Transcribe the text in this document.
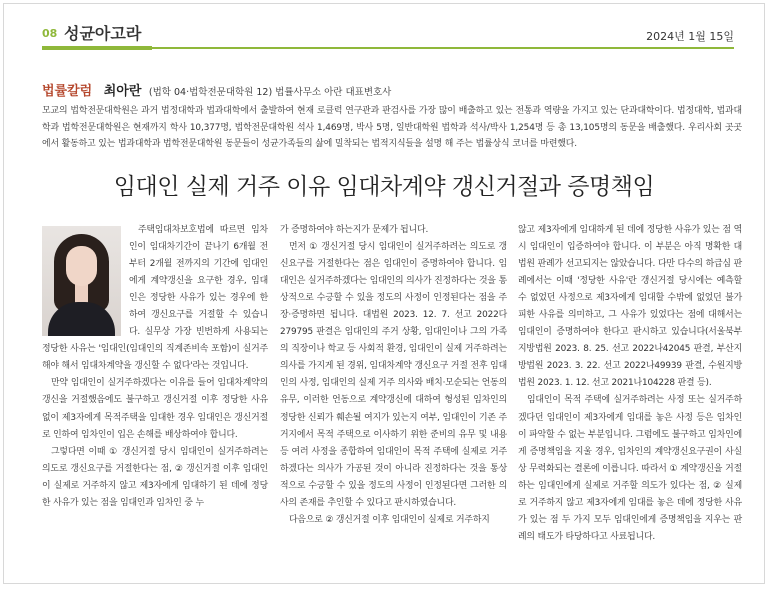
08 성균아고라	2024년 1월 15일
법률칼럼 최아란 (법학 04·법학전문대학원 12) 법률사무소 아란 대표변호사
모교의 법학전문대학원은 과거 법정대학과 법과대학에서 출발하여 현재 로클럭 연구관과 판검사를 가장 많이 배출하고 있는 전통과 역량을 가지고 있는 단과대학이다. 법정대학, 법과대학과 법학전문대학원은 현재까지 학사 10,377명, 법학전문대학원 석사 1,469명, 박사 5명, 일반대학원 법학과 석사/박사 1,254명 등 총 13,105명의 동문을 배출했다. 우리사회 곳곳에서 활동하고 있는 법과대학과 법학전문대학원 동문들이 성균가족들의 삶에 밀착되는 법적지식들을 설명 해 주는 법률상식 코너를 마련했다.
임대인 실제 거주 이유 임대차계약 갱신거절과 증명책임

주택임대차보호법에 따르면 임차인이 임대차기간이 끝나기 6개월 전부터 2개월 전까지의 기간에 임대인에게 계약갱신을 요구한 경우, 임대인은 정당한 사유가 있는 경우에 한하여 갱신요구를 거절할 수 있습니다. 실무상 가장 빈번하게 사용되는 정당한 사유는 '임대인(임대인의 직계존비속 포함)이 실거주해야 해서 임대차계약을 갱신할 수 없다'라는 것입니다.

만약 임대인이 실거주하겠다는 이유를 들어 임대차계약의 갱신을 거절했음에도 불구하고 갱신거절 이후 정당한 사유 없이 제3자에게 목적주택을 임대한 경우 임대인은 갱신거절로 인하여 임차인이 입은 손해를 배상하여야 합니다.

그렇다면 이때 ① 갱신거절 당시 임대인이 실거주하려는 의도로 갱신요구를 거절한다는 점, ② 갱신거절 이후 임대인이 실제로 거주하지 않고 제3자에게 임대하기 된 데에 정당한 사유가 있는 점을 임대인과 임차인 중 누

가 증명하여야 하는지가 문제가 됩니다.

먼저 ① 갱신거절 당시 임대인이 실거주하려는 의도로 갱신요구를 거절한다는 점은 임대인이 증명하여야 합니다. 임대인은 실거주하겠다는 임대인의 의사가 진정하다는 것을 통상적으로 수긍할 수 있을 정도의 사정이 인정된다는 점을 주장·증명하면 됩니다. 대법원 2023. 12. 7. 선고 2022다279795 판결은 임대인의 주거 상황, 임대인이나 그의 가족의 직장이나 학교 등 사회적 환경, 임대인이 실제 거주하려는 의사를 가지게 된 경위, 임대차계약 갱신요구 거절 전후 임대인의 사정, 임대인의 실제 거주 의사와 배치·모순되는 언동의 유무, 이러한 언동으로 계약갱신에 대하여 형성된 임차인의 정당한 신뢰가 훼손될 여지가 있는지 여부, 임대인이 기존 주거지에서 목적 주택으로 이사하기 위한 준비의 유무 및 내용 등 여러 사정을 종합하여 임대인이 목적 주택에 실제로 거주하겠다는 의사가 가공된 것이 아니라 진정하다는 것을 통상적으로 수긍할 수 있을 정도의 사정이 인정된다면 그러한 의사의 존재를 추인할 수 있다고 판시하였습니다.

다음으로 ② 갱신거절 이후 임대인이 실제로 거주하지

않고 제3자에게 임대하게 된 데에 정당한 사유가 있는 점 역시 임대인이 입증하여야 합니다. 이 부분은 아직 명확한 대법원 판례가 선고되지는 않았습니다. 다만 다수의 하급심 판례에서는 이때 '정당한 사유'란 갱신거절 당시에는 예측할 수 없었던 사정으로 제3자에게 임대할 수밖에 없었던 불가피한 사유를 의미하고, 그 사유가 있었다는 점에 대해서는 임대인이 증명하여야 한다고 판시하고 있습니다(서울북부지방법원 2023. 8. 25. 선고 2022나42045 판결, 부산지방법원 2023. 3. 22. 선고 2022나49939 판결, 수원지방법원 2023. 1. 12. 선고 2021나104228 판결 등).

임대인이 목적 주택에 실거주하려는 사정 또는 실거주하겠다던 임대인이 제3자에게 임대를 놓은 사정 등은 임차인이 파악할 수 없는 부분입니다. 그럼에도 불구하고 임차인에게 증명책임을 지울 경우, 임차인의 계약갱신요구권이 사실상 무력화되는 결론에 이릅니다. 따라서 ① 계약갱신을 거절하는 임대인에게 실제로 거주할 의도가 있다는 점, ② 실제로 거주하지 않고 제3자에게 임대를 놓은 데에 정당한 사유가 있는 점 두 가지 모두 임대인에게 증명책임을 지우는 판례의 태도가 타당하다고 사료됩니다.
